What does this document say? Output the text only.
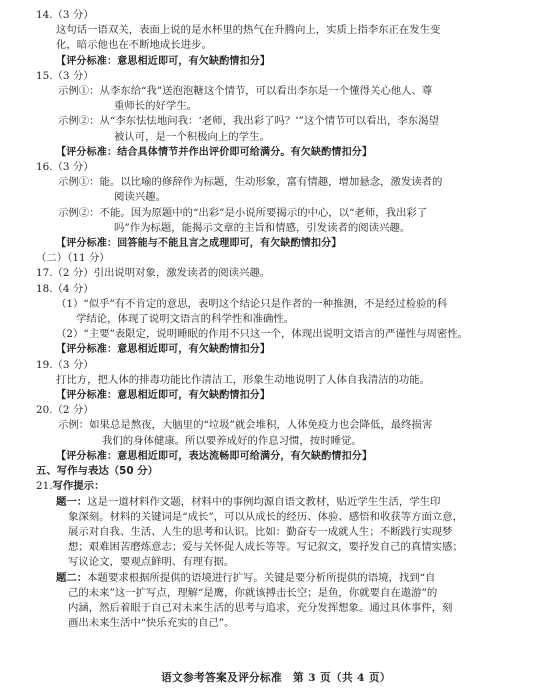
14.（3 分）
这句话一语双关，表面上说的是水杯里的热气在升腾向上，实质上指李东正在发生变
化，暗示他也在不断地成长进步。
【评分标准：意思相近即可，有欠缺酌情扣分】
15.（3 分）
示例①：从李东给“我”送泡泡糖这个情节，可以看出李东是一个懂得关心他人、尊
重师长的好学生。
示例②：从“李东怯怯地问我：‘老师，我出彩了吗？’”这个情节可以看出，李东渴望
被认可，是一个积极向上的学生。
【评分标准：结合具体情节并作出评价即可给满分。有欠缺酌情扣分】
16.（3 分）
示例①：能。以比喻的修辞作为标题，生动形象，富有情趣，增加悬念，激发读者的
阅读兴趣。
示例②：不能。因为原题中的“出彩”是小说所要揭示的中心，以“老师，我出彩了
吗”作为标题，能揭示文章的主旨和情感，引发读者的阅读兴趣。
【评分标准：回答能与不能且言之成理即可，有欠缺酌情扣分】
（二）（11 分）
17.（2 分）引出说明对象，激发读者的阅读兴趣。
18.（4 分）
（1）“似乎”有不肯定的意思，表明这个结论只是作者的一种推测，不是经过检验的科
学结论，体现了说明文语言的科学性和准确性。
（2）“主要”表限定，说明睡眠的作用不只这一个，体现出说明文语言的严谨性与周密性。
【评分标准：意思相近即可，有欠缺酌情扣分】
19.（3 分）
打比方，把人体的排毒功能比作清洁工，形象生动地说明了人体自我清洁的功能。
【评分标准：意思相近即可，有欠缺酌情扣分】
20.（2 分）
示例：如果总是熬夜，大脑里的“垃圾”就会堆积，人体免疫力也会降低，最终损害
我们的身体健康。所以要养成好的作息习惯，按时睡觉。
【评分标准：意思相近即可，表达流畅即可给满分，有欠缺酌情扣分】
五、写作与表达（50 分）
21.写作提示：
题一：这是一道材料作文题，材料中的事例均源自语文教材，贴近学生生活，学生印
象深刻。材料的关键词是“成长”，可以从成长的经历、体验、感悟和收获等方面立意，
展示对自我、生活、人生的思考和认识。比如：勤奋专一成就人生；不断践行实现梦
想；艰难困苦磨炼意志；爱与关怀促人成长等等。写记叙文，要抒发自己的真情实感；
写议论文，要观点鲜明、有理有据。
题二：本题要求根据所提供的语境进行扩写。关键是要分析所提供的语境，找到“自
己的未来”这一扩写点，理解“是鹰，你就该搏击长空；是鱼，你就要自在遨游”的
内涵，然后着眼于自己对未来生活的思考与追求，充分发挥想象。通过具体事件，刻
画出未来生活中“快乐充实的自己”。
语文参考答案及评分标准　第 3 页（共 4 页）
